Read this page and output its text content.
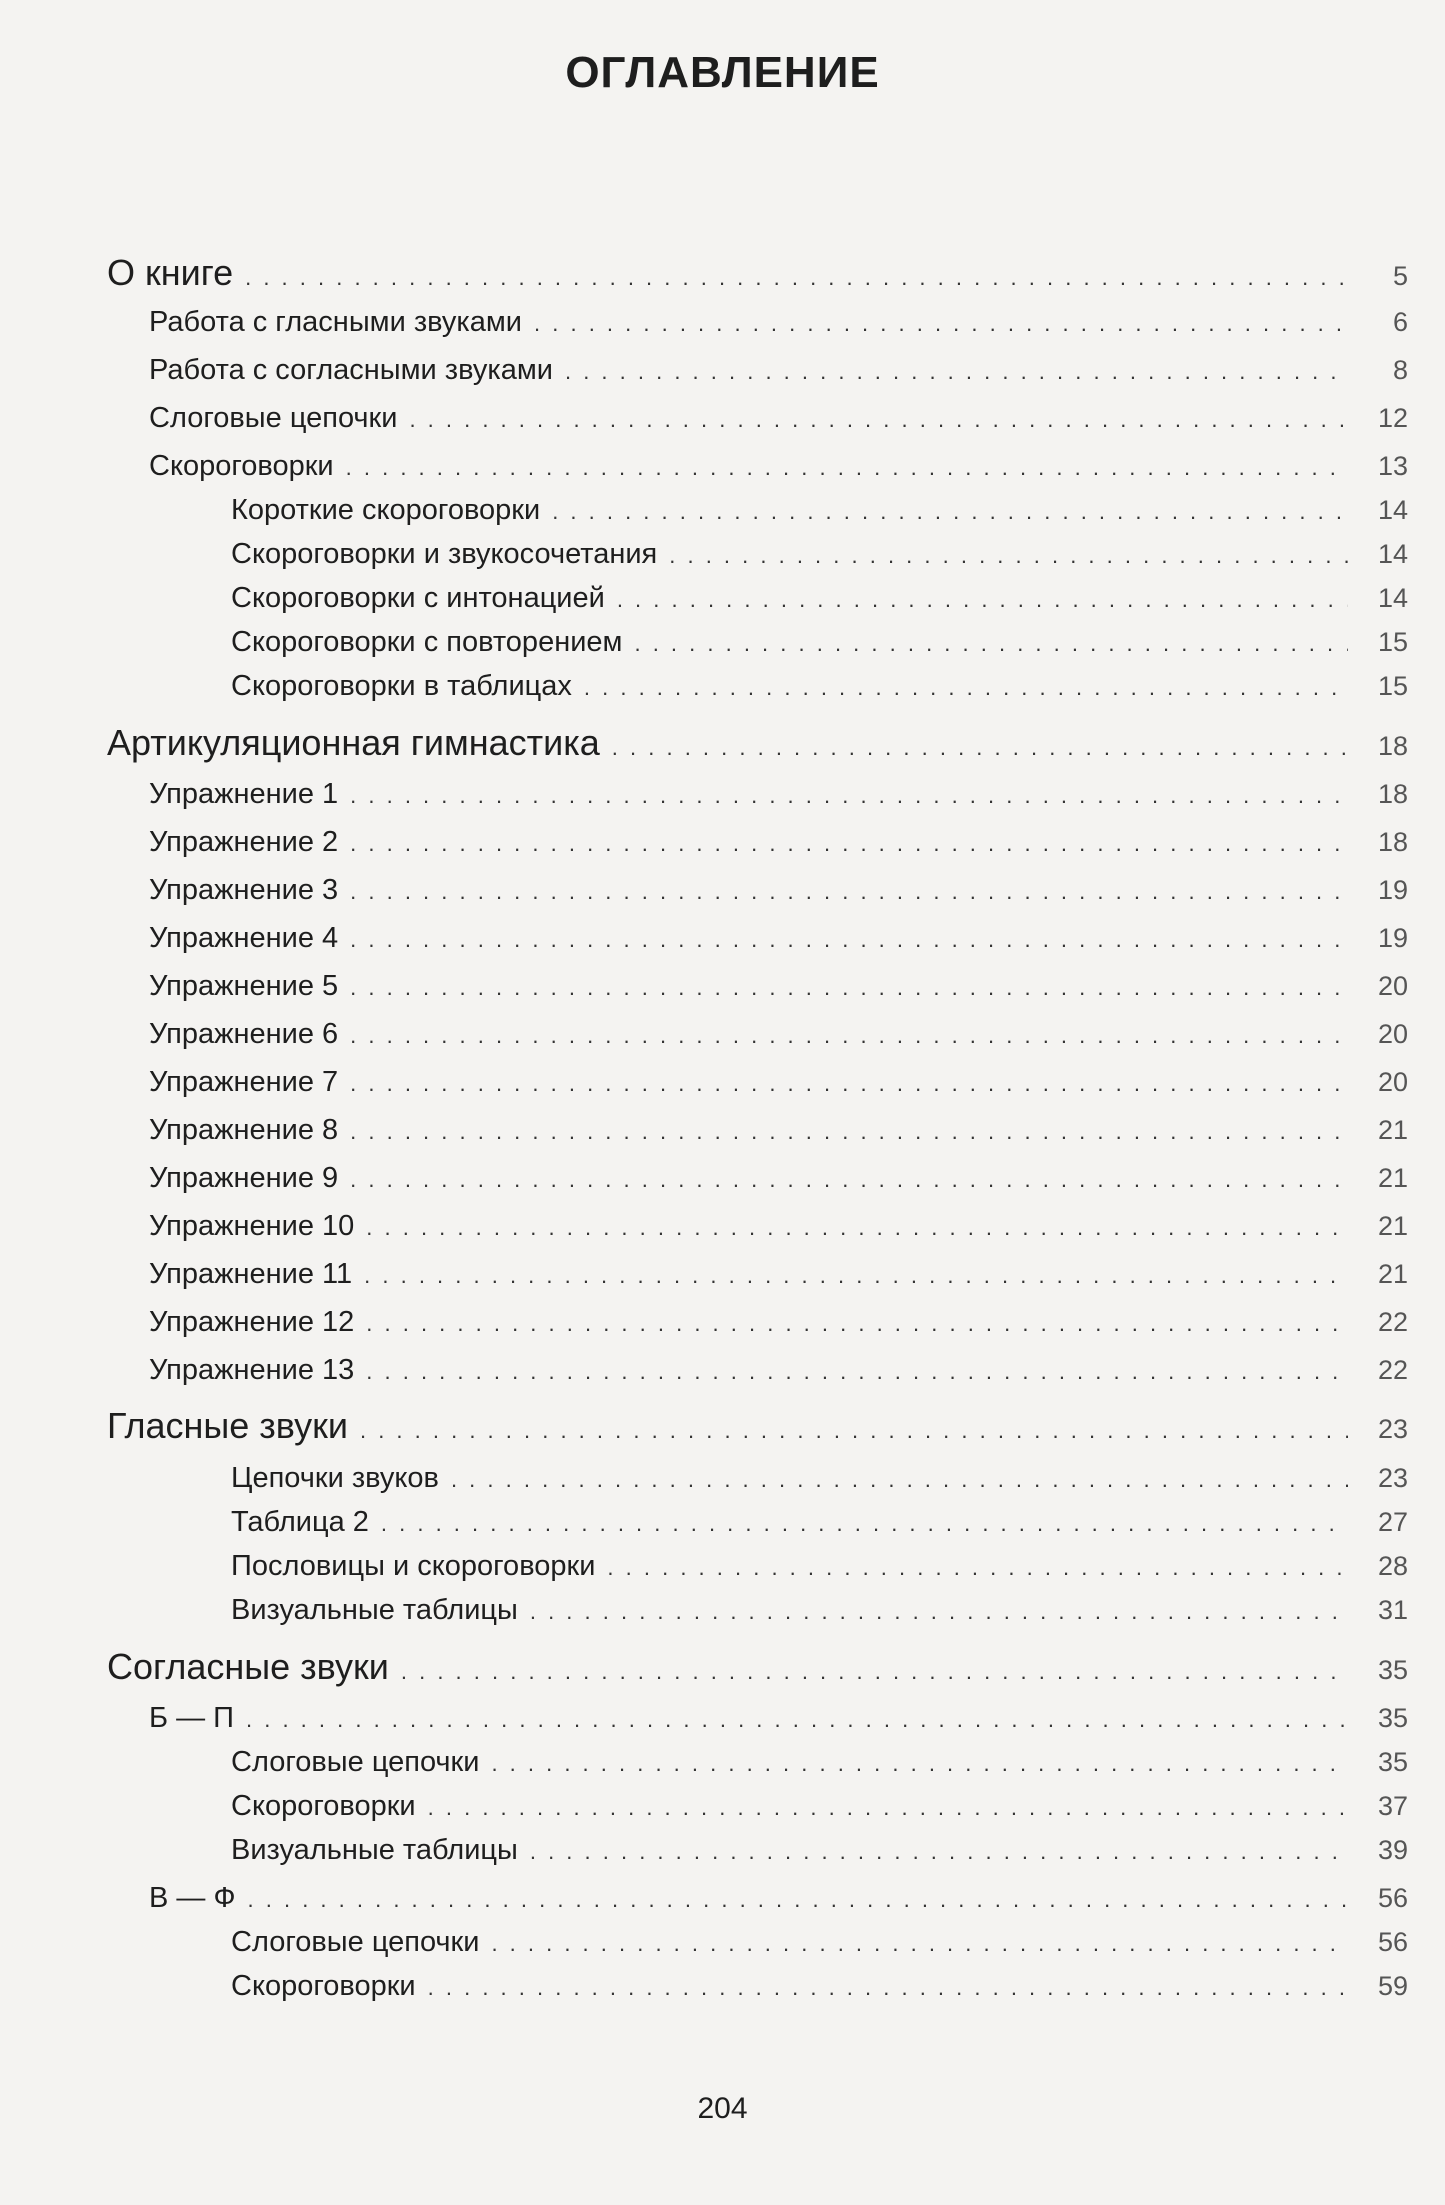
ОГЛАВЛЕНИЕ
О книге . . .	5
Работа с гласными звуками . . .	6
Работа с согласными звуками . . .	8
Слоговые цепочки . . .	12
Скороговорки . . .	13
Короткие скороговорки . . .	14
Скороговорки и звукосочетания . . .	14
Скороговорки с интонацией . . .	14
Скороговорки с повторением . . .	15
Скороговорки в таблицах . . .	15
Артикуляционная гимнастика . . .	18
Упражнение 1 . . .	18
Упражнение 2 . . .	18
Упражнение 3 . . .	19
Упражнение 4 . . .	19
Упражнение 5 . . .	20
Упражнение 6 . . .	20
Упражнение 7 . . .	20
Упражнение 8 . . .	21
Упражнение 9 . . .	21
Упражнение 10 . . .	21
Упражнение 11 . . .	21
Упражнение 12 . . .	22
Упражнение 13 . . .	22
Гласные звуки . . .	23
Цепочки звуков . . .	23
Таблица 2 . . .	27
Пословицы и скороговорки . . .	28
Визуальные таблицы . . .	31
Согласные звуки . . .	35
Б — П . . .	35
Слоговые цепочки . . .	35
Скороговорки . . .	37
Визуальные таблицы . . .	39
В — Ф . . .	56
Слоговые цепочки . . .	56
Скороговорки . . .	59
204
